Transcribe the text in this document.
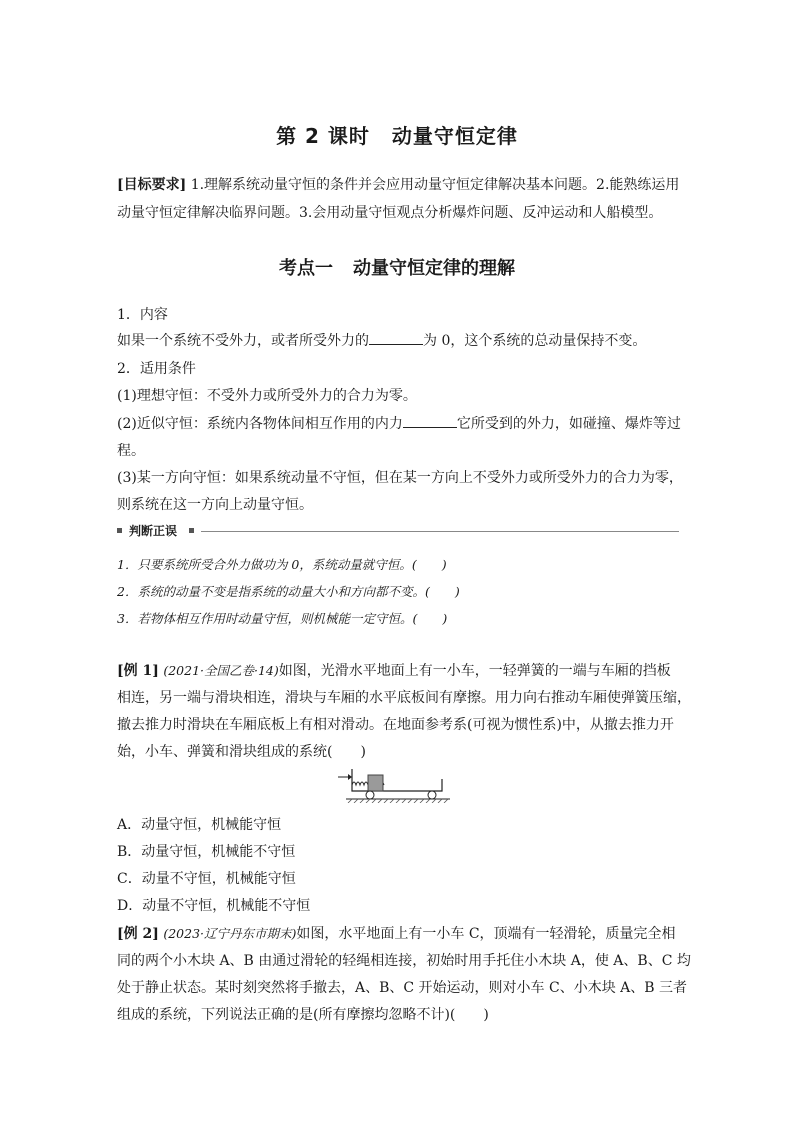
第 2 课时 动量守恒定律
[目标要求] 1.理解系统动量守恒的条件并会应用动量守恒定律解决基本问题。2.能熟练运用
动量守恒定律解决临界问题。3.会用动量守恒观点分析爆炸问题、反冲运动和人船模型。
考点一 动量守恒定律的理解
1．内容
如果一个系统不受外力，或者所受外力的	为 0，这个系统的总动量保持不变。
2．适用条件
(1)理想守恒：不受外力或所受外力的合力为零。
(2)近似守恒：系统内各物体间相互作用的内力	它所受到的外力，如碰撞、爆炸等过
程。
(3)某一方向守恒：如果系统动量不守恒，但在某一方向上不受外力或所受外力的合力为零，
则系统在这一方向上动量守恒。
判断正误
1．只要系统所受合外力做功为 0，系统动量就守恒。(　　)
2．系统的动量不变是指系统的动量大小和方向都不变。(　　)
3．若物体相互作用时动量守恒，则机械能一定守恒。(　　)
[例 1] (2021·全国乙卷·14)如图，光滑水平地面上有一小车，一轻弹簧的一端与车厢的挡板
相连，另一端与滑块相连，滑块与车厢的水平底板间有摩擦。用力向右推动车厢使弹簧压缩，
撤去推力时滑块在车厢底板上有相对滑动。在地面参考系(可视为惯性系)中，从撤去推力开
始，小车、弹簧和滑块组成的系统(　　)
A．动量守恒，机械能守恒
B．动量守恒，机械能不守恒
C．动量不守恒，机械能守恒
D．动量不守恒，机械能不守恒
[例 2] (2023·辽宁丹东市期末)如图，水平地面上有一小车 C，顶端有一轻滑轮，质量完全相
同的两个小木块 A、B 由通过滑轮的轻绳相连接，初始时用手托住小木块 A，使 A、B、C 均
处于静止状态。某时刻突然将手撤去，A、B、C 开始运动，则对小车 C、小木块 A、B 三者
组成的系统，下列说法正确的是(所有摩擦均忽略不计)(　　)
